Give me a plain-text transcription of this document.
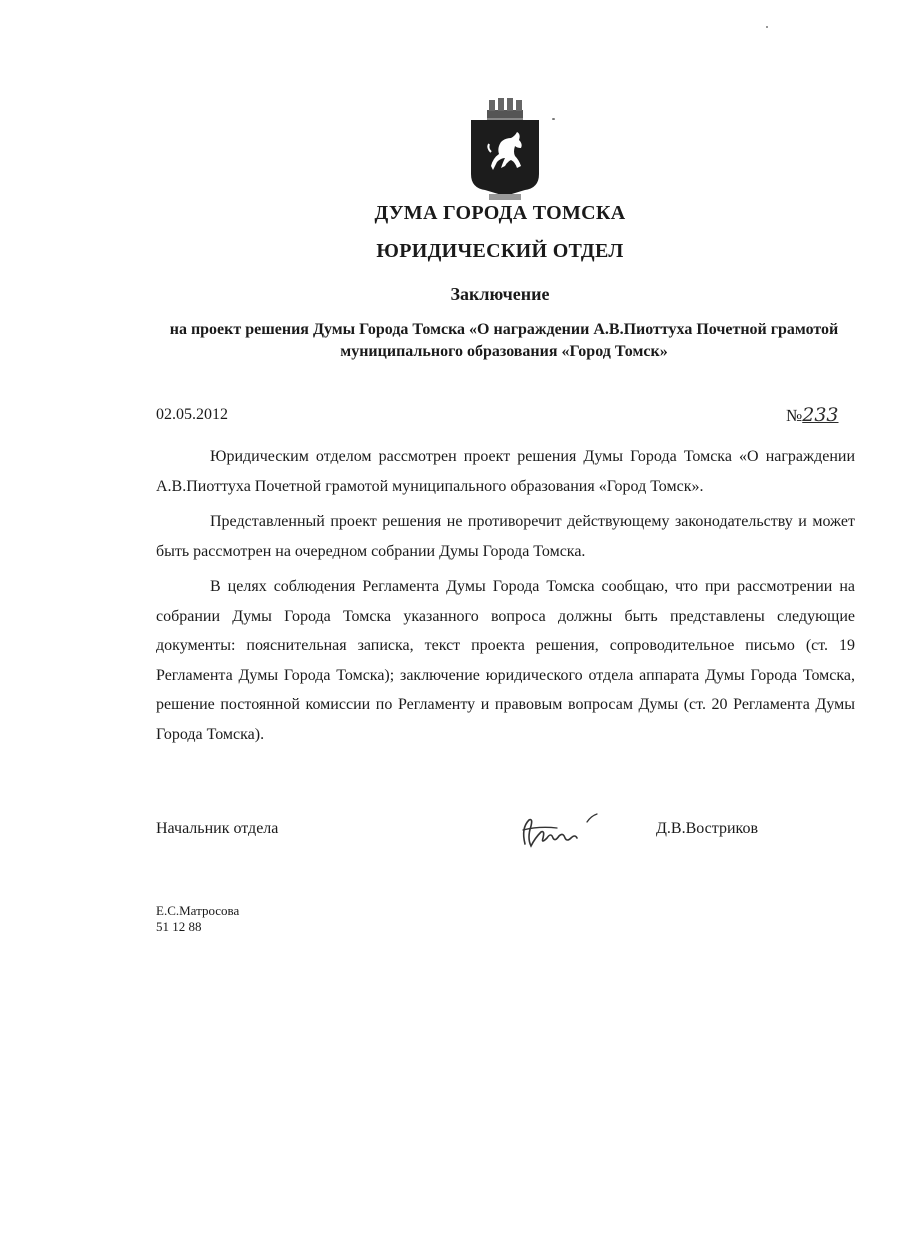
ДУМА ГОРОДА ТОМСКА
ЮРИДИЧЕСКИЙ ОТДЕЛ
Заключение
на проект решения Думы Города Томска «О награждении А.В.Пиоттуха Почетной грамотой муниципального образования «Город Томск»
02.05.2012	№233

Юридическим отделом рассмотрен проект решения Думы Города Томска «О награждении А.В.Пиоттуха Почетной грамотой муниципального образования «Город Томск».

Представленный проект решения не противоречит действующему законодательству и может быть рассмотрен на очередном собрании Думы Города Томска.

В целях соблюдения Регламента Думы Города Томска сообщаю, что при рассмотрении на собрании Думы Города Томска указанного вопроса должны быть представлены следующие документы: пояснительная записка, текст проекта решения, сопроводительное письмо (ст. 19 Регламента Думы Города Томска); заключение юридического отдела аппарата Думы Города Томска, решение постоянной комиссии по Регламенту и правовым вопросам Думы (ст. 20 Регламента Думы Города Томска).

Начальник отдела	Д.В.Востриков
Е.С.Матросова
51 12 88
